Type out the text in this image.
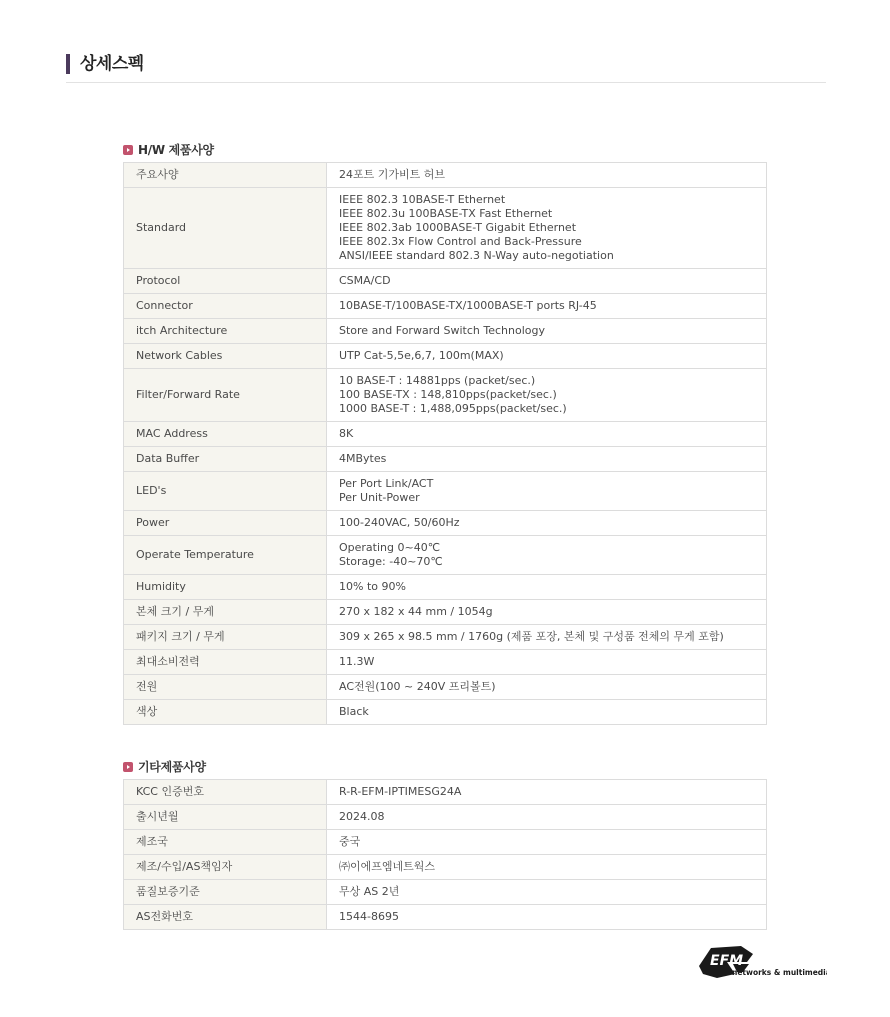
상세스펙
H/W 제품사양
주요사양	24포트 기가비트 허브

Standard	IEEE 802.3 10BASE-T Ethernet
IEEE 802.3u 100BASE-TX Fast Ethernet
IEEE 802.3ab 1000BASE-T Gigabit Ethernet
IEEE 802.3x Flow Control and Back-Pressure
ANSI/IEEE standard 802.3 N-Way auto-negotiation

Protocol	CSMA/CD

Connector	10BASE-T/100BASE-TX/1000BASE-T ports RJ-45

itch Architecture	Store and Forward Switch Technology

Network Cables	UTP Cat-5,5e,6,7, 100m(MAX)

Filter/Forward Rate	10 BASE-T : 14881pps (packet/sec.)
100 BASE-TX : 148,810pps(packet/sec.)
1000 BASE-T : 1,488,095pps(packet/sec.)

MAC Address	8K

Data Buffer	4MBytes

LED's	Per Port Link/ACT
Per Unit-Power

Power	100-240VAC, 50/60Hz

Operate Temperature	Operating 0~40℃
Storage: -40~70℃

Humidity	10% to 90%

본체 크기 / 무게	270 x 182 x 44 mm / 1054g

패키지 크기 / 무게	309 x 265 x 98.5 mm / 1760g (제품 포장, 본체 및 구성품 전체의 무게 포함)

최대소비전력	11.3W

전원	AC전원(100 ~ 240V 프리볼트)

색상	Black
기타제품사양
KCC 인증번호	R-R-EFM-IPTIMESG24A

출시년월	2024.08

제조국	중국

제조/수입/AS책임자	㈜이에프엠네트웍스

품질보증기준	무상 AS 2년

AS전화번호	1544-8695
EFM
networks & multimedia
